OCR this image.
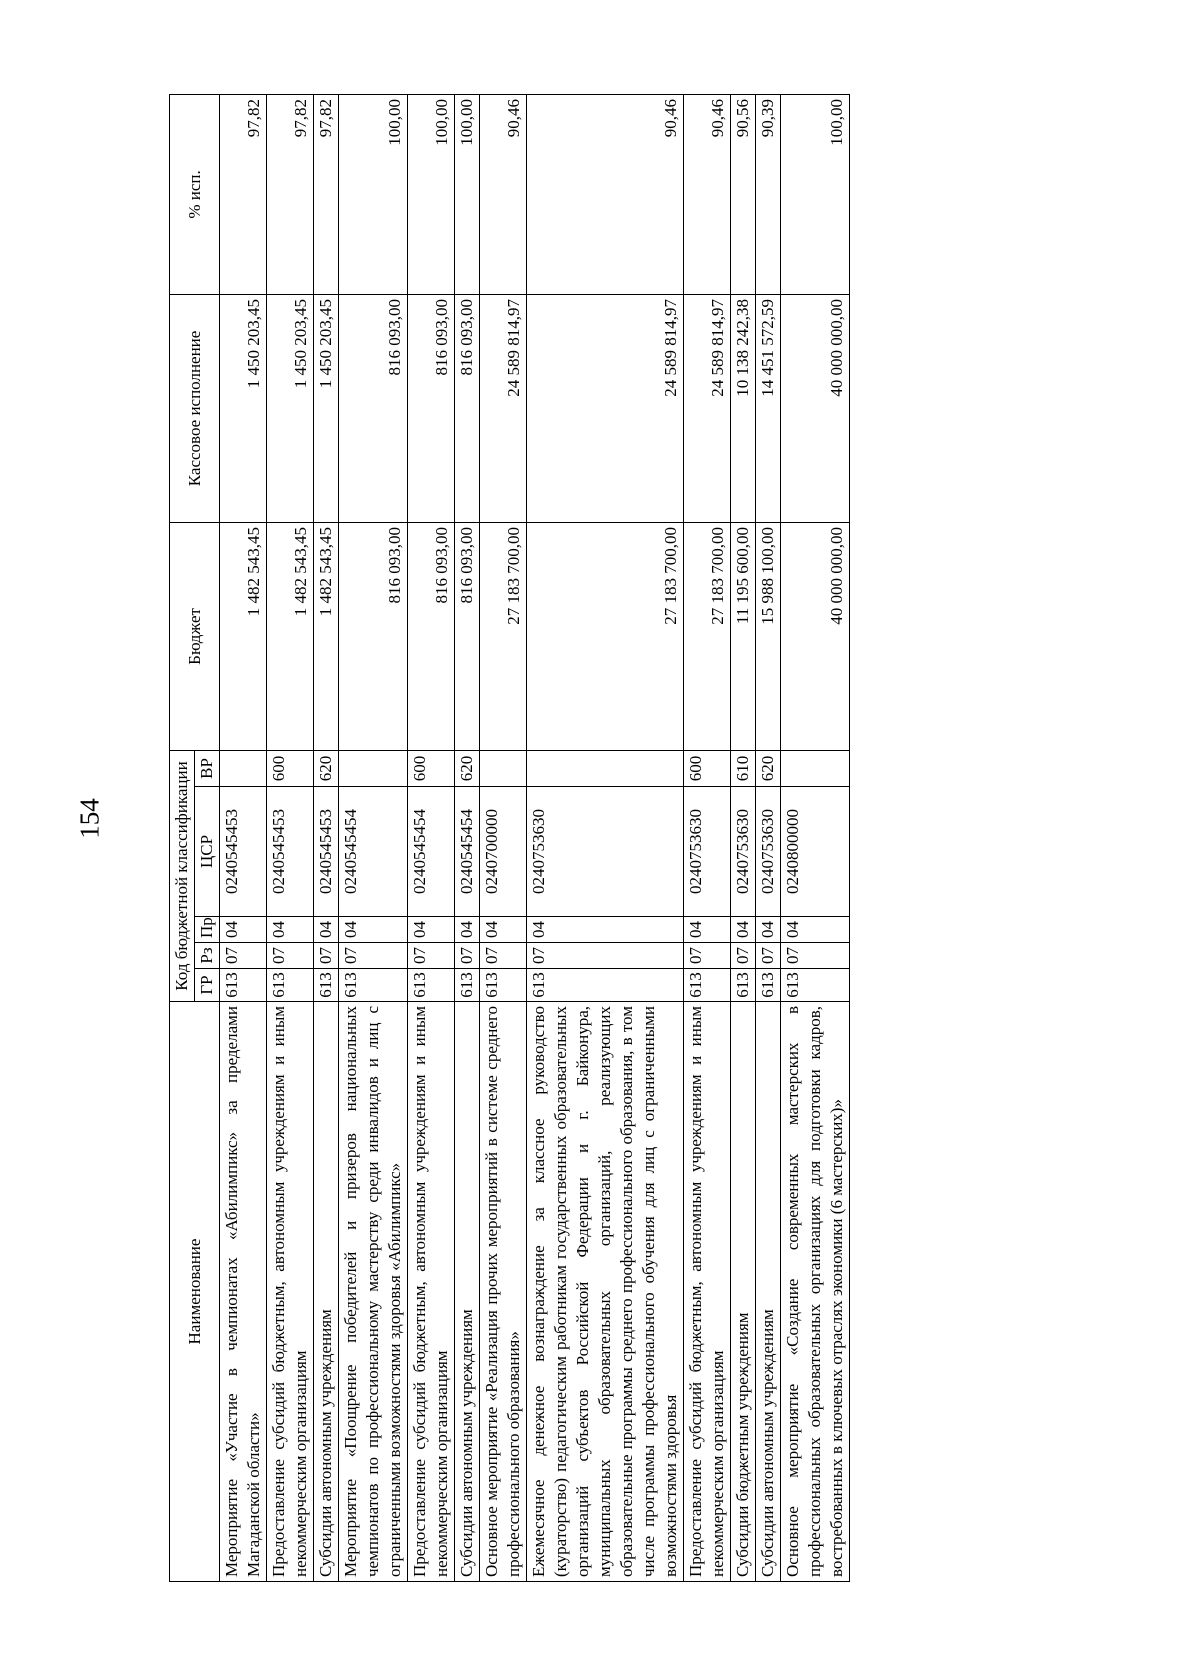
154
Наименование	Код бюджетной классификации					Бюджет	Кассовое исполнение	% исп.
	ГР	Рз	Пр	ЦСР	ВР			
Мероприятие «Участие в чемпионатах «Абилимпикс» за пределами Магаданской области»	613	07	04	0240545453		1 482 543,45	1 450 203,45	97,82
Предоставление субсидий бюджетным, автономным учреждениям и иным некоммерческим организациям	613	07	04	0240545453	600	1 482 543,45	1 450 203,45	97,82
Субсидии автономным учреждениям	613	07	04	0240545453	620	1 482 543,45	1 450 203,45	97,82
Мероприятие «Поощрение победителей и призеров национальных чемпионатов по профессиональному мастерству среди инвалидов и лиц с ограниченными возможностями здоровья «Абилимпикс»	613	07	04	0240545454		816 093,00	816 093,00	100,00
Предоставление субсидий бюджетным, автономным учреждениям и иным некоммерческим организациям	613	07	04	0240545454	600	816 093,00	816 093,00	100,00
Субсидии автономным учреждениям	613	07	04	0240545454	620	816 093,00	816 093,00	100,00
Основное мероприятие «Реализация прочих мероприятий в системе среднего профессионального образования»	613	07	04	0240700000		27 183 700,00	24 589 814,97	90,46
Ежемесячное денежное вознаграждение за классное руководство (кураторство) педагогическим работникам государственных образовательных организаций субъектов Российской Федерации и г. Байконура, муниципальных образовательных организаций, реализующих образовательные программы среднего профессионального образования, в том числе программы профессионального обучения для лиц с ограниченными возможностями здоровья	613	07	04	0240753630		27 183 700,00	24 589 814,97	90,46
Предоставление субсидий бюджетным, автономным учреждениям и иным некоммерческим организациям	613	07	04	0240753630	600	27 183 700,00	24 589 814,97	90,46
Субсидии бюджетным учреждениям	613	07	04	0240753630	610	11 195 600,00	10 138 242,38	90,56
Субсидии автономным учреждениям	613	07	04	0240753630	620	15 988 100,00	14 451 572,59	90,39
Основное мероприятие «Создание современных мастерских в профессиональных образовательных организациях для подготовки кадров, востребованных в ключевых отраслях экономики (6 мастерских)»	613	07	04	0240800000		40 000 000,00	40 000 000,00	100,00
